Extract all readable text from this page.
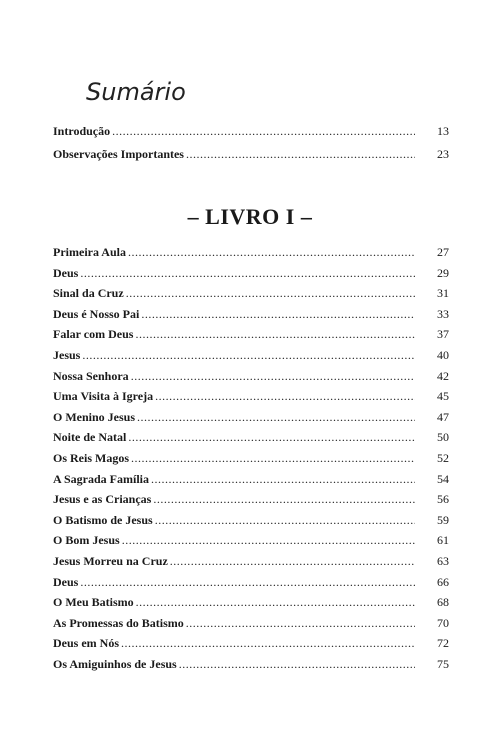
Sumário
Introdução .....	13
Observações Importantes .....	23
– LIVRO I –
Primeira Aula .....	27
Deus .....	29
Sinal da Cruz .....	31
Deus é Nosso Pai .....	33
Falar com Deus .....	37
Jesus .....	40
Nossa Senhora .....	42
Uma Visita à Igreja .....	45
O Menino Jesus .....	47
Noite de Natal .....	50
Os Reis Magos .....	52
A Sagrada Família .....	54
Jesus e as Crianças .....	56
O Batismo de Jesus .....	59
O Bom Jesus .....	61
Jesus Morreu na Cruz .....	63
Deus .....	66
O Meu Batismo .....	68
As Promessas do Batismo .....	70
Deus em Nós .....	72
Os Amiguinhos de Jesus .....	75
